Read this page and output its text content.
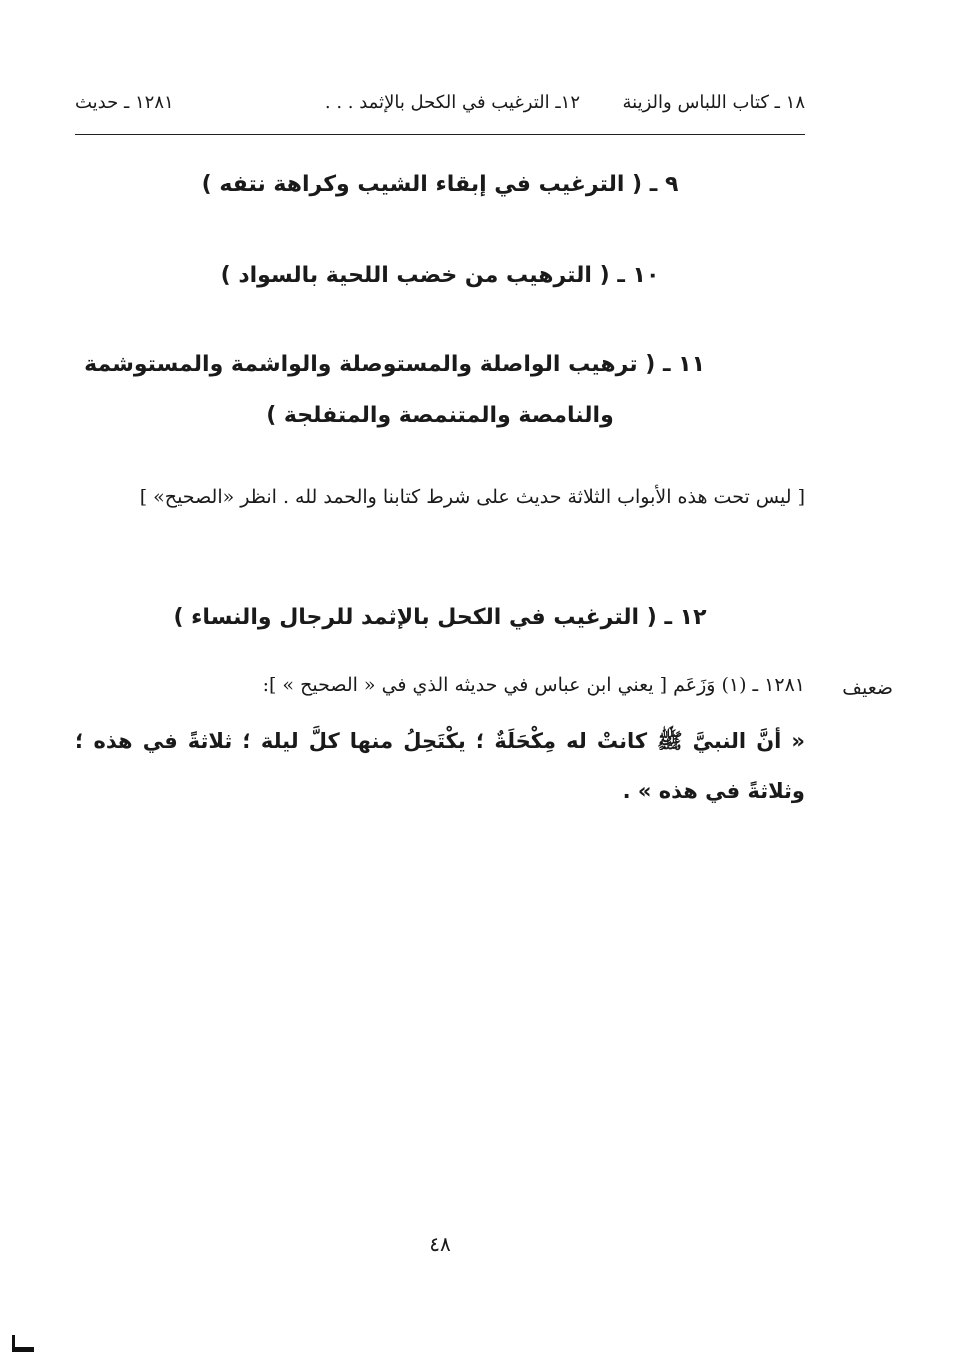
١٨ ـ كتاب اللباس والزينة
١٢ـ الترغيب في الكحل بالإثمد . . .
١٢٨١ ـ حديث
٩ ـ ( الترغيب في إبقاء الشيب وكراهة نتفه )
١٠ ـ ( الترهيب من خضب اللحية بالسواد )
١١ ـ ( ترهيب الواصلة والمستوصلة والواشمة والمستوشمة
والنامصة والمتنمصة والمتفلجة )
[ ليس تحت هذه الأبواب الثلاثة حديث على شرط كتابنا والحمد لله . انظر «الصحيح» ]
١٢ ـ ( الترغيب في الكحل بالإثمد للرجال والنساء )
ضعيف
١٢٨١ ـ (١) وَزَعَم [ يعني ابن عباس في حديثه الذي في « الصحيح » ]:
« أنَّ النبيَّ ﷺ كانتْ له مِكْحَلَةٌ ؛ يكْتَحِلُ منها كلَّ ليلة ؛ ثلاثةً في هذه ؛ وثلاثةً في هذه » .
٤٨
